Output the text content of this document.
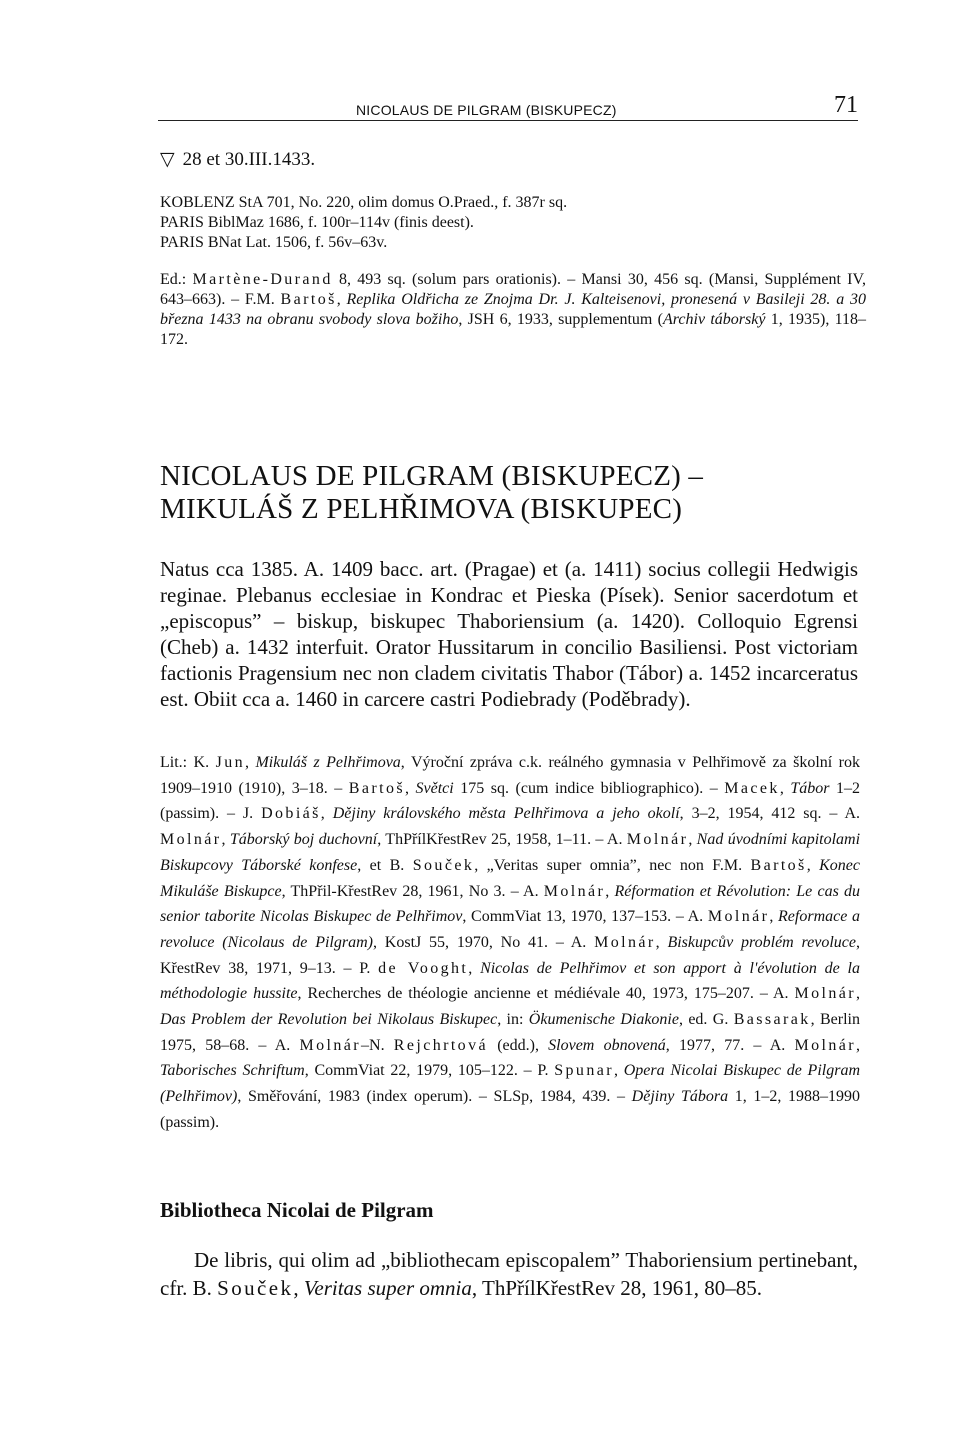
NICOLAUS DE PILGRAM (BISKUPECZ)	71
▽ 28 et 30.III.1433.
KOBLENZ StA 701, No. 220, olim domus O.Praed., f. 387r sq.
PARIS BiblMaz 1686, f. 100r–114v (finis deest).
PARIS BNat Lat. 1506, f. 56v–63v.
Ed.: Martène-Durand 8, 493 sq. (solum pars orationis). – Mansi 30, 456 sq. (Mansi, Supplément IV, 643–663). – F.M. Bartoš, Replika Oldřicha ze Znojma Dr. J. Kalteisenovi, pronesená v Basileji 28. a 30 března 1433 na obranu svobody slova božiho, JSH 6, 1933, supplementum (Archiv táborský 1, 1935), 118–172.
NICOLAUS DE PILGRAM (BISKUPECZ) –
MIKULÁŠ Z PELHŘIMOVA (BISKUPEC)
Natus cca 1385. A. 1409 bacc. art. (Pragae) et (a. 1411) socius collegii Hedwigis reginae. Plebanus ecclesiae in Kondrac et Pieska (Písek). Senior sacerdotum et „episcopus” – biskup, biskupec Thaboriensium (a. 1420). Colloquio Egrensi (Cheb) a. 1432 interfuit. Orator Hussitarum in concilio Basiliensi. Post victoriam factionis Pragensium nec non cladem civitatis Thabor (Tábor) a. 1452 incarceratus est. Obiit cca a. 1460 in carcere castri Podiebrady (Poděbrady).
Lit.: K. Jun, Mikuláš z Pelhřimova, Výroční zpráva c.k. reálného gymnasia v Pelhřimově za školní rok 1909–1910 (1910), 3–18. – Bartoš, Světci 175 sq. (cum indice bibliographico). – Macek, Tábor 1–2 (passim). – J. Dobiáš, Dějiny královského města Pelhřimova a jeho okolí, 3–2, 1954, 412 sq. – A. Molnár, Táborský boj duchovní, ThPřílKřestRev 25, 1958, 1–11. – A. Molnár, Nad úvodními kapitolami Biskupcovy Táborské konfese, et B. Souček, „Veritas super omnia”, nec non F.M. Bartoš, Konec Mikuláše Biskupce, ThPřil-KřestRev 28, 1961, No 3. – A. Molnár, Réformation et Révolution: Le cas du senior taborite Nicolas Biskupec de Pelhřimov, CommViat 13, 1970, 137–153. – A. Molnár, Reformace a revoluce (Nicolaus de Pilgram), KostJ 55, 1970, No 41. – A. Molnár, Biskupcův problém revoluce, KřestRev 38, 1971, 9–13. – P. de Vooght, Nicolas de Pelhřimov et son apport à l'évolution de la méthodologie hussite, Recherches de théologie ancienne et médiévale 40, 1973, 175–207. – A. Molnár, Das Problem der Revolution bei Nikolaus Biskupec, in: Ökumenische Diakonie, ed. G. Bassarak, Berlin 1975, 58–68. – A. Molnár–N. Rejchrtová (edd.), Slovem obnovená, 1977, 77. – A. Molnár, Taborisches Schriftum, CommViat 22, 1979, 105–122. – P. Spunar, Opera Nicolai Biskupec de Pilgram (Pelhřimov), Směřování, 1983 (index operum). – SLSp, 1984, 439. – Dějiny Tábora 1, 1–2, 1988–1990 (passim).
Bibliotheca Nicolai de Pilgram
De libris, qui olim ad „bibliothecam episcopalem” Thaboriensium pertinebant, cfr. B. Souček, Veritas super omnia, ThPřílKřestRev 28, 1961, 80–85.
